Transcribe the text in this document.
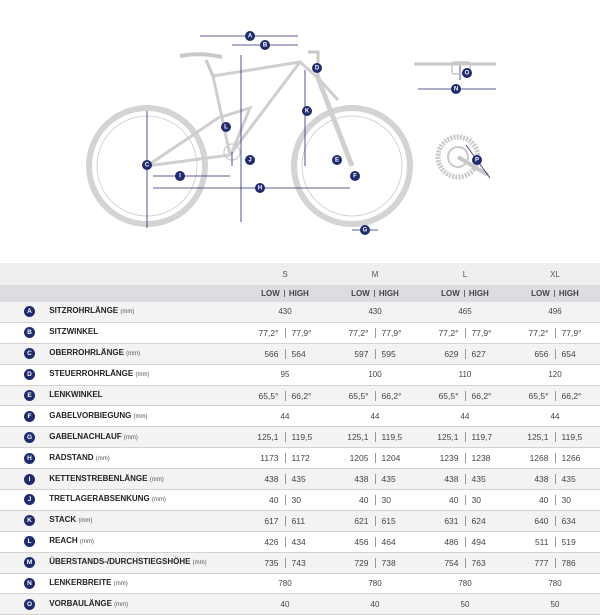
A
B
C
D
E
F
G
H
I
J
K
L
N
O
P
	S	M	L	XL

	LOW HIGH	LOW HIGH	LOW HIGH	LOW HIGH

A SITZROHRLÄNGE (mm)	430	430	465	496
B SITZWINKEL	77,2° 77,9°	77,2° 77,9°	77,2° 77,9°	77,2° 77,9°

C OBERROHRLÄNGE (mm)	566 564	597 595	629 627	656 654

D STEUERROHRLÄNGE (mm)	95	100	110	120
E LENKWINKEL	65,5° 66,2°	65,5° 66,2°	65,5° 66,2°	65,5° 66,2°

F GABELVORBIEGUNG (mm)	44	44	44	44
G GABELNACHLAUF (mm)	125,1 119,5	125,1 119,5	125,1 119,7	125,1 119,5

H RADSTAND (mm)	1173 1172	1205 1204	1239 1238	1268 1266

I KETTENSTREBENLÄNGE (mm)	438 435	438 435	438 435	438 435

J TRETLAGERABSENKUNG (mm)	40 30	40 30	40 30	40 30

K STACK (mm)	617 611	621 615	631 624	640 634

L REACH (mm)	426 434	456 464	486 494	511 519

M ÜBERSTANDS-/DURCHSTIEGSHÖHE (mm)	735 743	729 738	754 763	777 786

N LENKERBREITE (mm)	780	780	780	780
O VORBAULÄNGE (mm)	40	40	50	50
